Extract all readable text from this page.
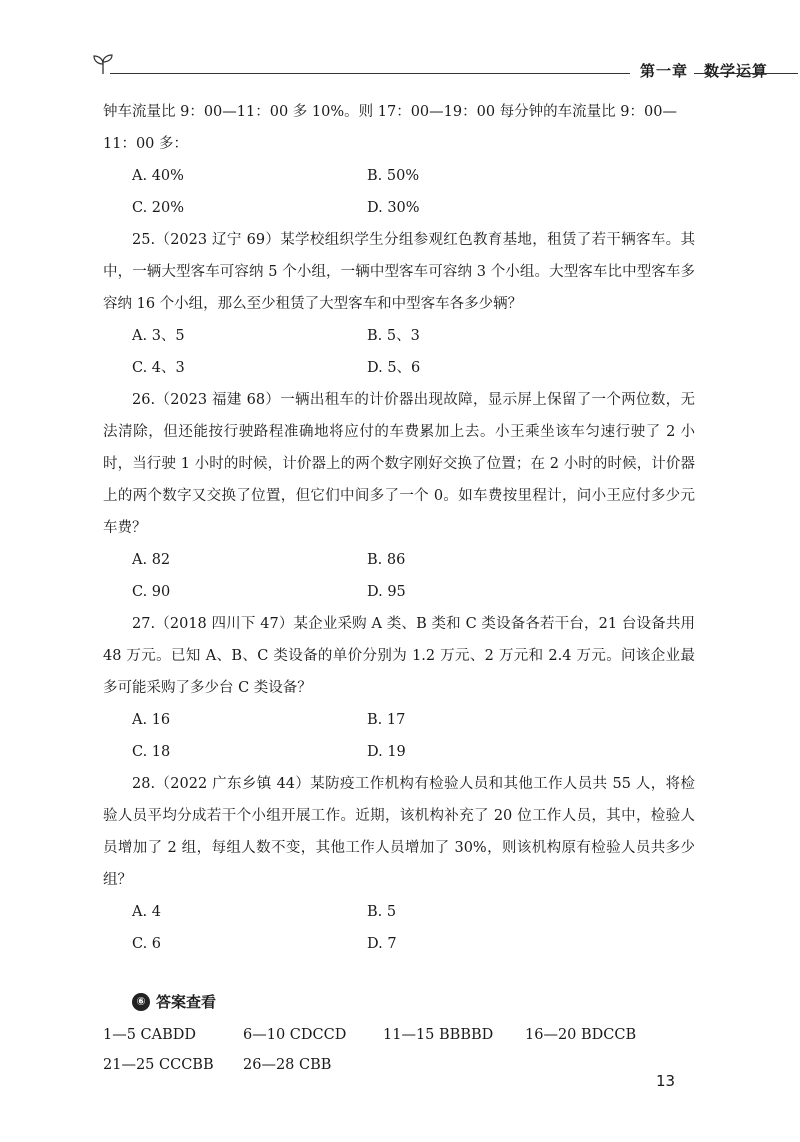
第一章　数学运算

钟车流量比 9：00—11：00 多 10%。则 17：00—19：00 每分钟的车流量比 9：00—

11：00 多：

A. 40%	B. 50%
C. 20%	D. 30%

25.（2023 辽宁 69）某学校组织学生分组参观红色教育基地，租赁了若干辆客车。其中，一辆大型客车可容纳 5 个小组，一辆中型客车可容纳 3 个小组。大型客车比中型客车多容纳 16 个小组，那么至少租赁了大型客车和中型客车各多少辆？

A. 3、5	B. 5、3
C. 4、3	D. 5、6

26.（2023 福建 68）一辆出租车的计价器出现故障，显示屏上保留了一个两位数，无法清除，但还能按行驶路程准确地将应付的车费累加上去。小王乘坐该车匀速行驶了 2 小时，当行驶 1 小时的时候，计价器上的两个数字刚好交换了位置；在 2 小时的时候，计价器上的两个数字又交换了位置，但它们中间多了一个 0。如车费按里程计，问小王应付多少元车费？

A. 82	B. 86
C. 90	D. 95

27.（2018 四川下 47）某企业采购 A 类、B 类和 C 类设备各若干台，21 台设备共用 48 万元。已知 A、B、C 类设备的单价分别为 1.2 万元、2 万元和 2.4 万元。问该企业最多可能采购了多少台 C 类设备？

A. 16	B. 17
C. 18	D. 19

28.（2022 广东乡镇 44）某防疫工作机构有检验人员和其他工作人员共 55 人，将检验人员平均分成若干个小组开展工作。近期，该机构补充了 20 位工作人员，其中，检验人员增加了 2 组，每组人数不变，其他工作人员增加了 30%，则该机构原有检验人员共多少组？

A. 4	B. 5
C. 6	D. 7
⑥ 答案查看
1—5 CABDD	6—10 CDCCD	11—15 BBBBD	16—20 BDCCB
21—25 CCCBB	26—28 CBB
13
